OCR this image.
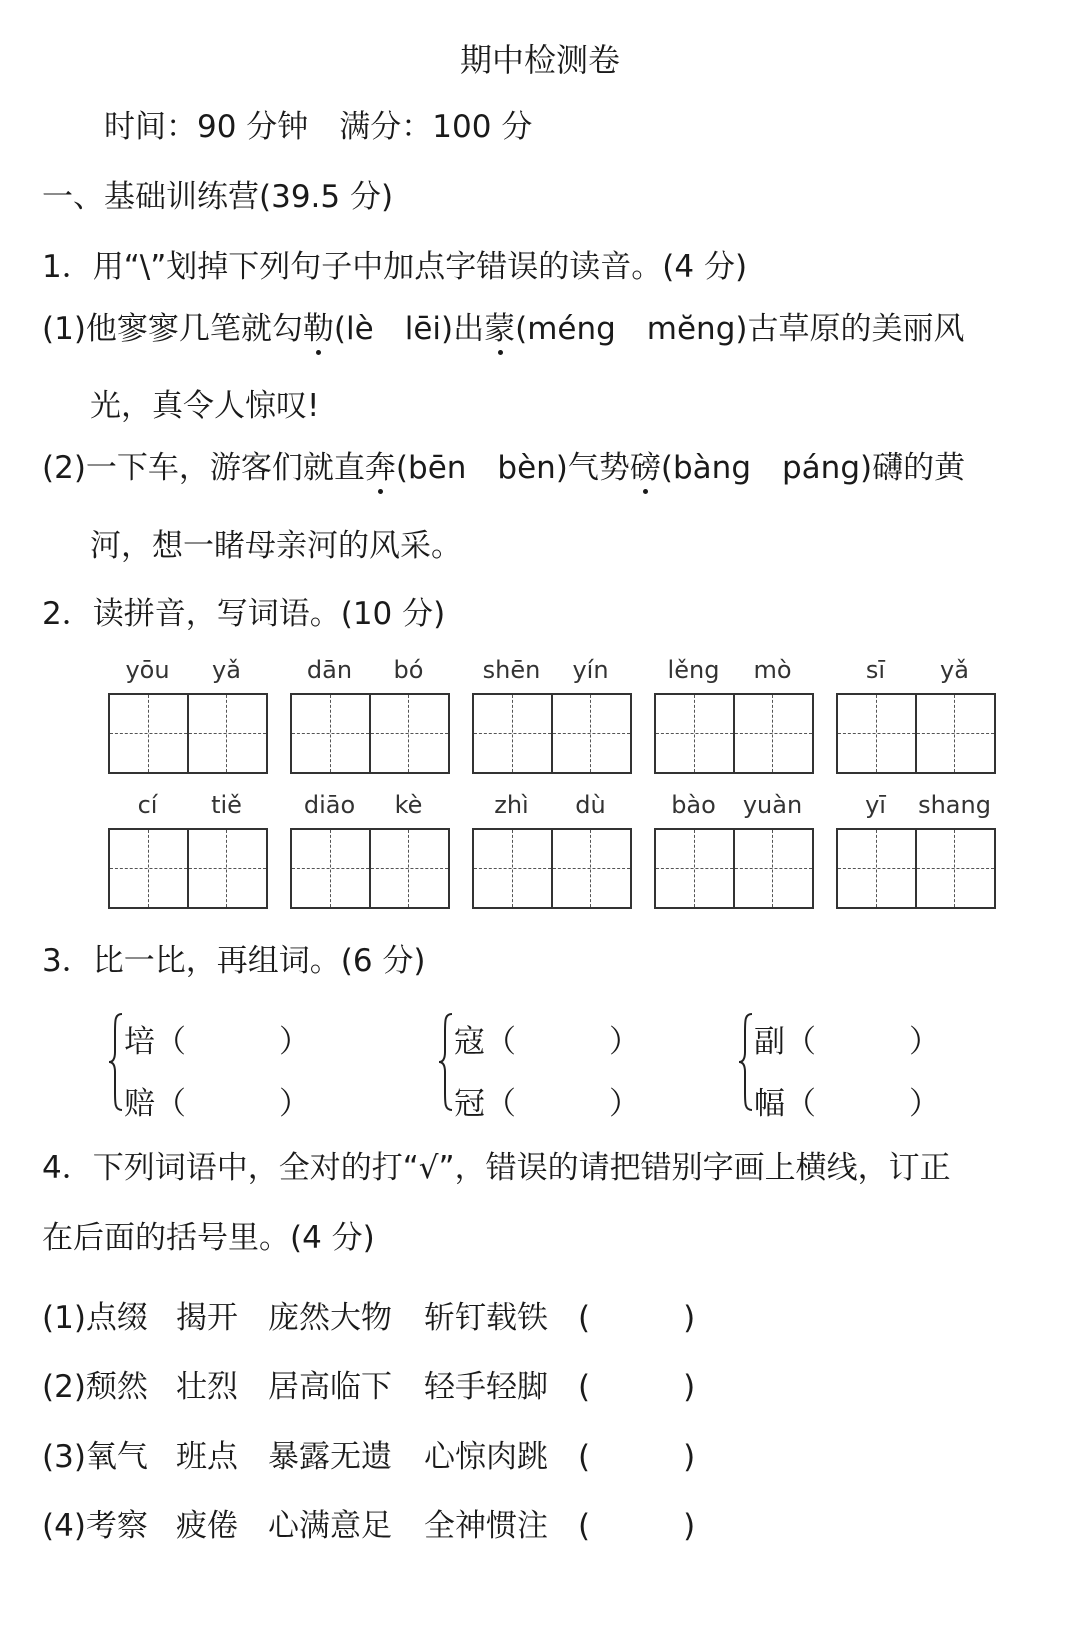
期中检测卷
时间：90 分钟　满分：100 分
一、基础训练营(39.5 分)
1．用“\”划掉下列句子中加点字错误的读音。(4 分)
(1)他寥寥几笔就勾勒(lè　lēi)出蒙(méng　mĕng)古草原的美丽风
光，真令人惊叹!
(2)一下车，游客们就直奔(bēn　bèn)气势磅(bàng　páng)礴的黄
河，想一睹母亲河的风采。
2．读拼音，写词语。(10 分)
yōu	yǎ	dān	bó	shēn	yín	lěng	mò	sī	yǎ
cí	tiě	diāo	kè	zhì	dù	bào	yuàn	yī	shang
3．比一比，再组词。(6 分)
培（　　　）
赔（　　　）
寇（　　　）
冠（　　　）
副（　　　）
幅（　　　）
4．下列词语中，全对的打“√”，错误的请把错别字画上横线，订正
在后面的括号里。(4 分)
(1)点缀 揭开 庞然大物 斩钉载铁 (　　　)
(2)颓然 壮烈 居高临下 轻手轻脚 (　　　)
(3)氧气 班点 暴露无遗 心惊肉跳 (　　　)
(4)考察 疲倦 心满意足 全神惯注 (　　　)
